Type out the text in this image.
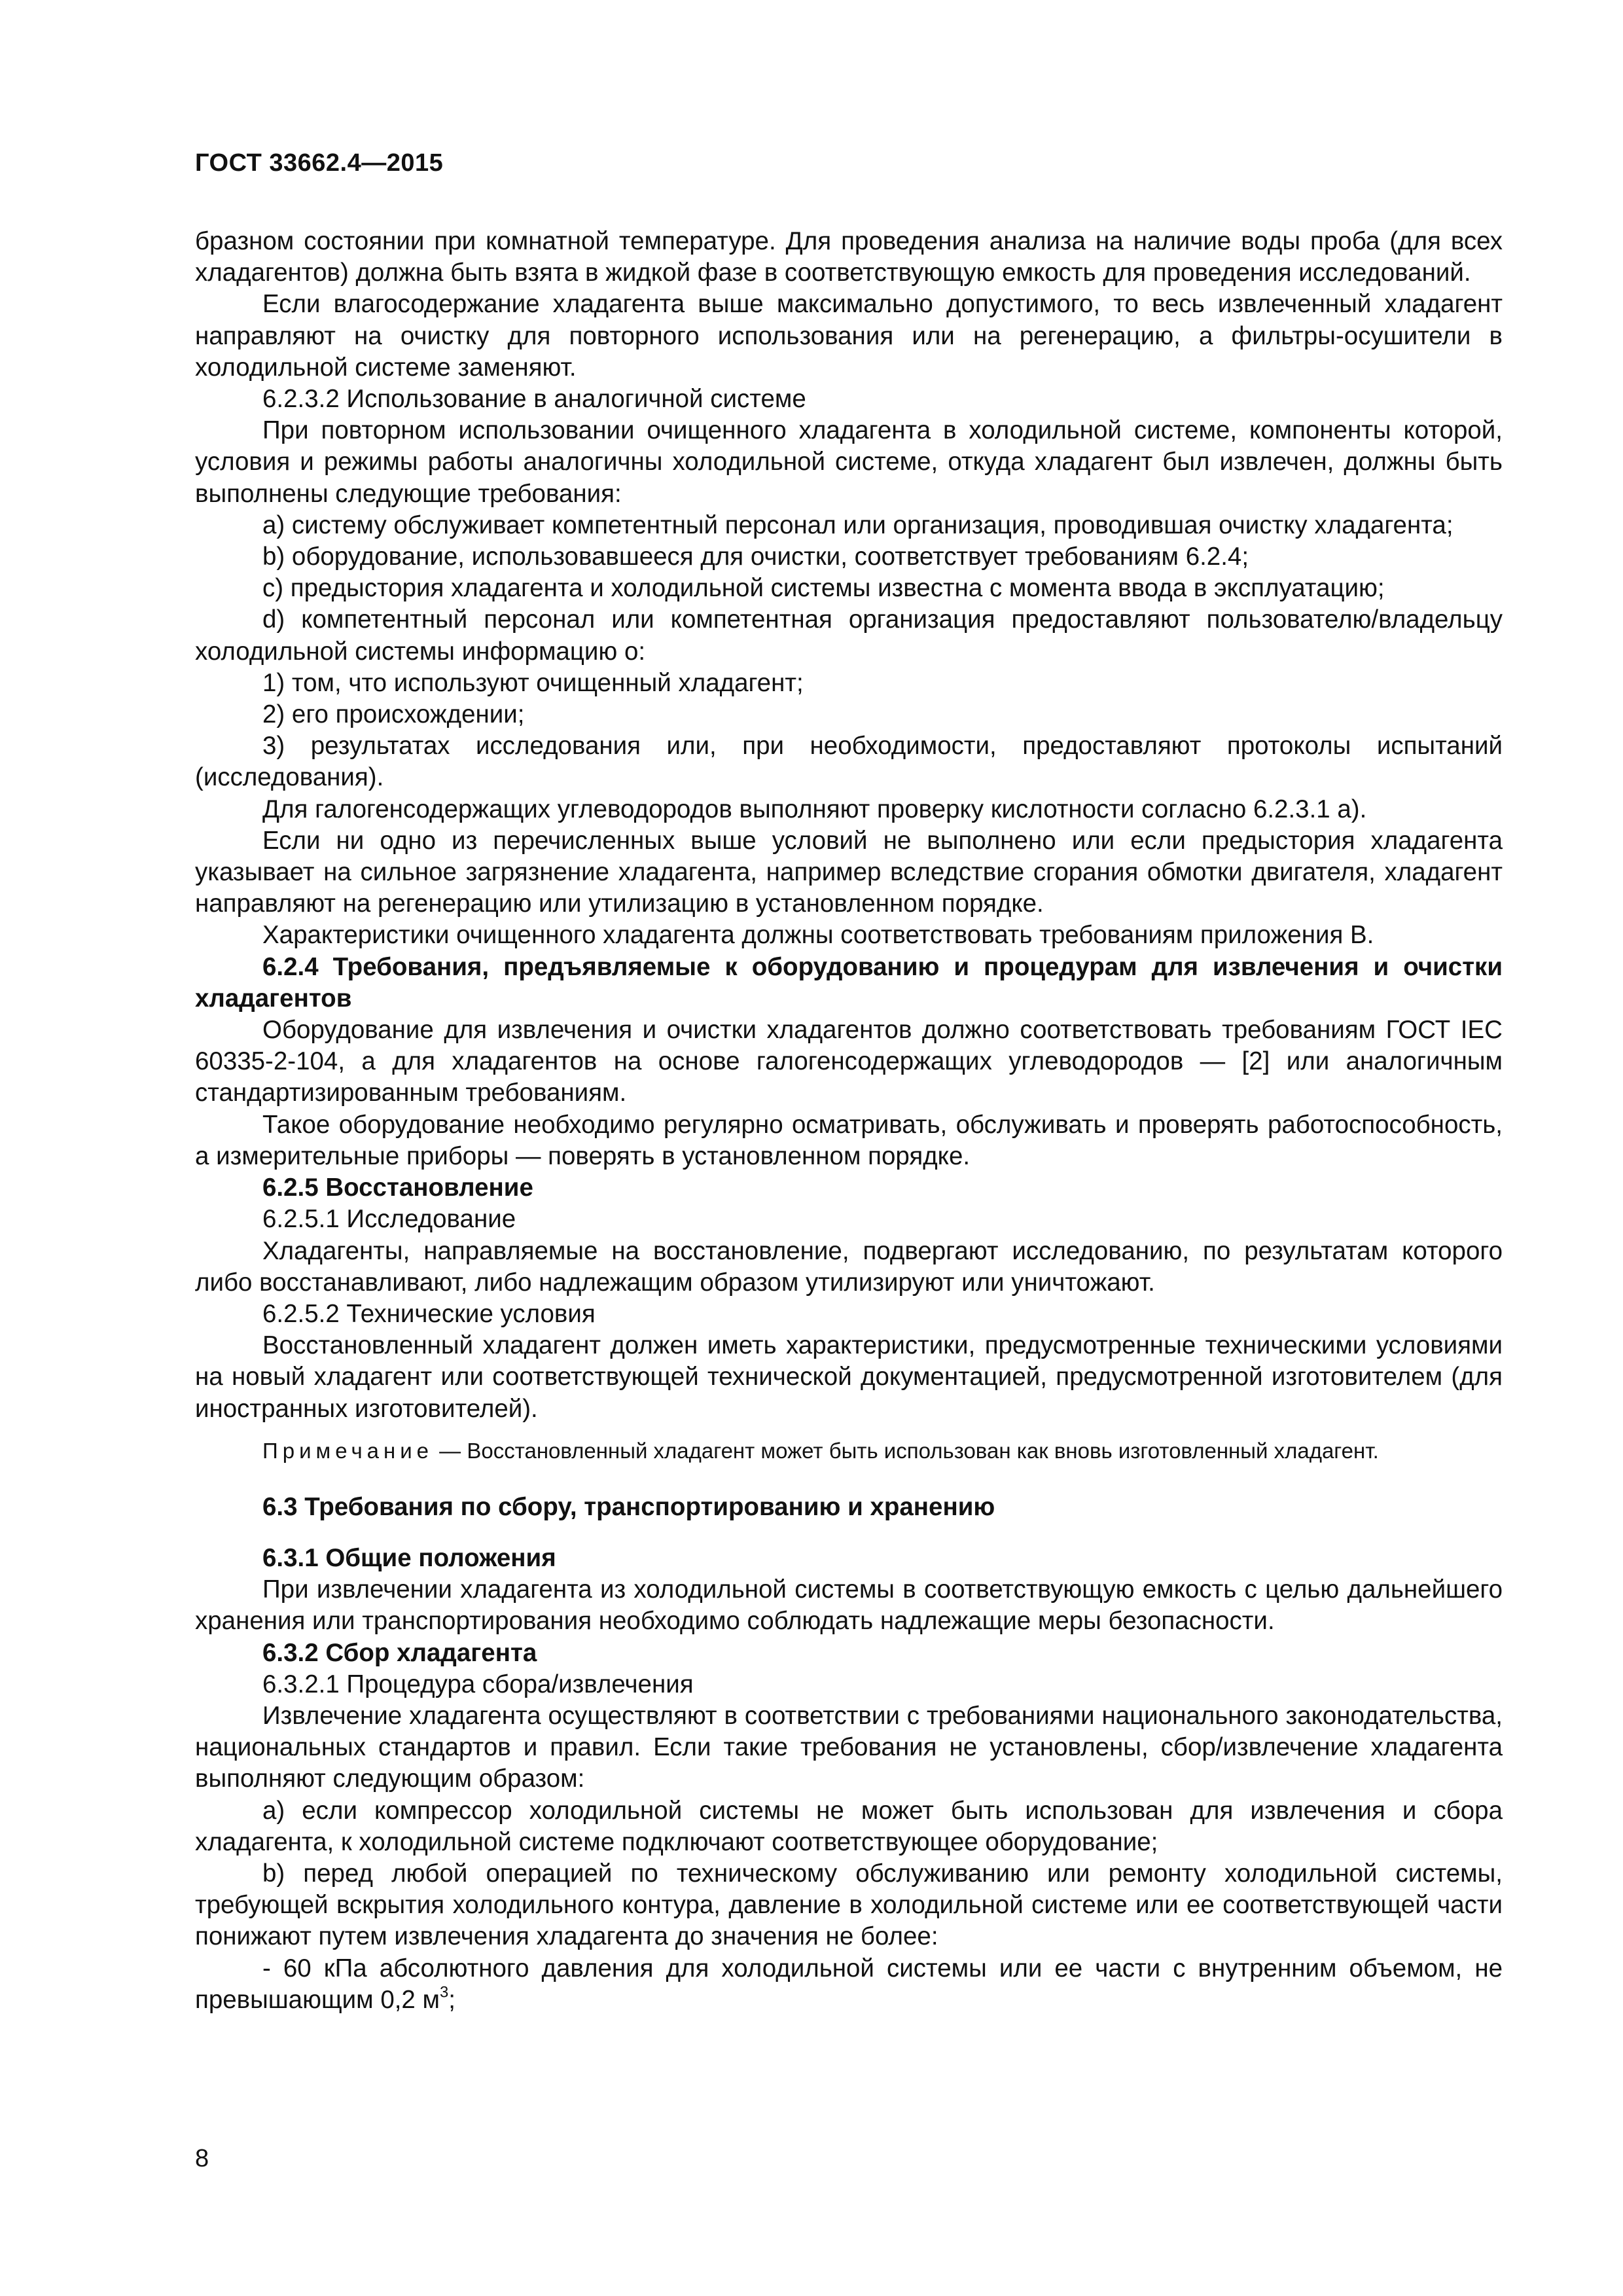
ГОСТ 33662.4—2015

бразном состоянии при комнатной температуре. Для проведения анализа на наличие воды проба (для всех хладагентов) должна быть взята в жидкой фазе в соответствующую емкость для проведения исследований.

Если влагосодержание хладагента выше максимально допустимого, то весь извлеченный хладагент направляют на очистку для повторного использования или на регенерацию, а фильтры-осушители в холодильной системе заменяют.

6.2.3.2 Использование в аналогичной системе

При повторном использовании очищенного хладагента в холодильной системе, компоненты которой, условия и режимы работы аналогичны холодильной системе, откуда хладагент был извлечен, должны быть выполнены следующие требования:

а) систему обслуживает компетентный персонал или организация, проводившая очистку хладагента;

b) оборудование, использовавшееся для очистки, соответствует требованиям 6.2.4;

с) предыстория хладагента и холодильной системы известна с момента ввода в эксплуатацию;

d) компетентный персонал или компетентная организация предоставляют пользователю/владельцу холодильной системы информацию о:

1) том, что используют очищенный хладагент;

2) его происхождении;

3) результатах исследования или, при необходимости, предоставляют протоколы испытаний (исследования).

Для галогенсодержащих углеводородов выполняют проверку кислотности согласно 6.2.3.1 а).

Если ни одно из перечисленных выше условий не выполнено или если предыстория хладагента указывает на сильное загрязнение хладагента, например вследствие сгорания обмотки двигателя, хладагент направляют на регенерацию или утилизацию в установленном порядке.

Характеристики очищенного хладагента должны соответствовать требованиям приложения В.

6.2.4 Требования, предъявляемые к оборудованию и процедурам для извлечения и очистки хладагентов

Оборудование для извлечения и очистки хладагентов должно соответствовать требованиям ГОСТ IEC 60335-2-104, а для хладагентов на основе галогенсодержащих углеводородов — [2] или аналогичным стандартизированным требованиям.

Такое оборудование необходимо регулярно осматривать, обслуживать и проверять работоспособность, а измерительные приборы — поверять в установленном порядке.

6.2.5 Восстановление

6.2.5.1 Исследование

Хладагенты, направляемые на восстановление, подвергают исследованию, по результатам которого либо восстанавливают, либо надлежащим образом утилизируют или уничтожают.

6.2.5.2 Технические условия

Восстановленный хладагент должен иметь характеристики, предусмотренные техническими условиями на новый хладагент или соответствующей технической документацией, предусмотренной изготовителем (для иностранных изготовителей).

Примечание — Восстановленный хладагент может быть использован как вновь изготовленный хладагент.

6.3 Требования по сбору, транспортированию и хранению

6.3.1 Общие положения

При извлечении хладагента из холодильной системы в соответствующую емкость с целью дальнейшего хранения или транспортирования необходимо соблюдать надлежащие меры безопасности.

6.3.2 Сбор хладагента

6.3.2.1 Процедура сбора/извлечения

Извлечение хладагента осуществляют в соответствии с требованиями национального законодательства, национальных стандартов и правил. Если такие требования не установлены, сбор/извлечение хладагента выполняют следующим образом:

а) если компрессор холодильной системы не может быть использован для извлечения и сбора хладагента, к холодильной системе подключают соответствующее оборудование;

b) перед любой операцией по техническому обслуживанию или ремонту холодильной системы, требующей вскрытия холодильного контура, давление в холодильной системе или ее соответствующей части понижают путем извлечения хладагента до значения не более:

- 60 кПа абсолютного давления для холодильной системы или ее части с внутренним объемом, не превышающим 0,2 $м^3$;

8
